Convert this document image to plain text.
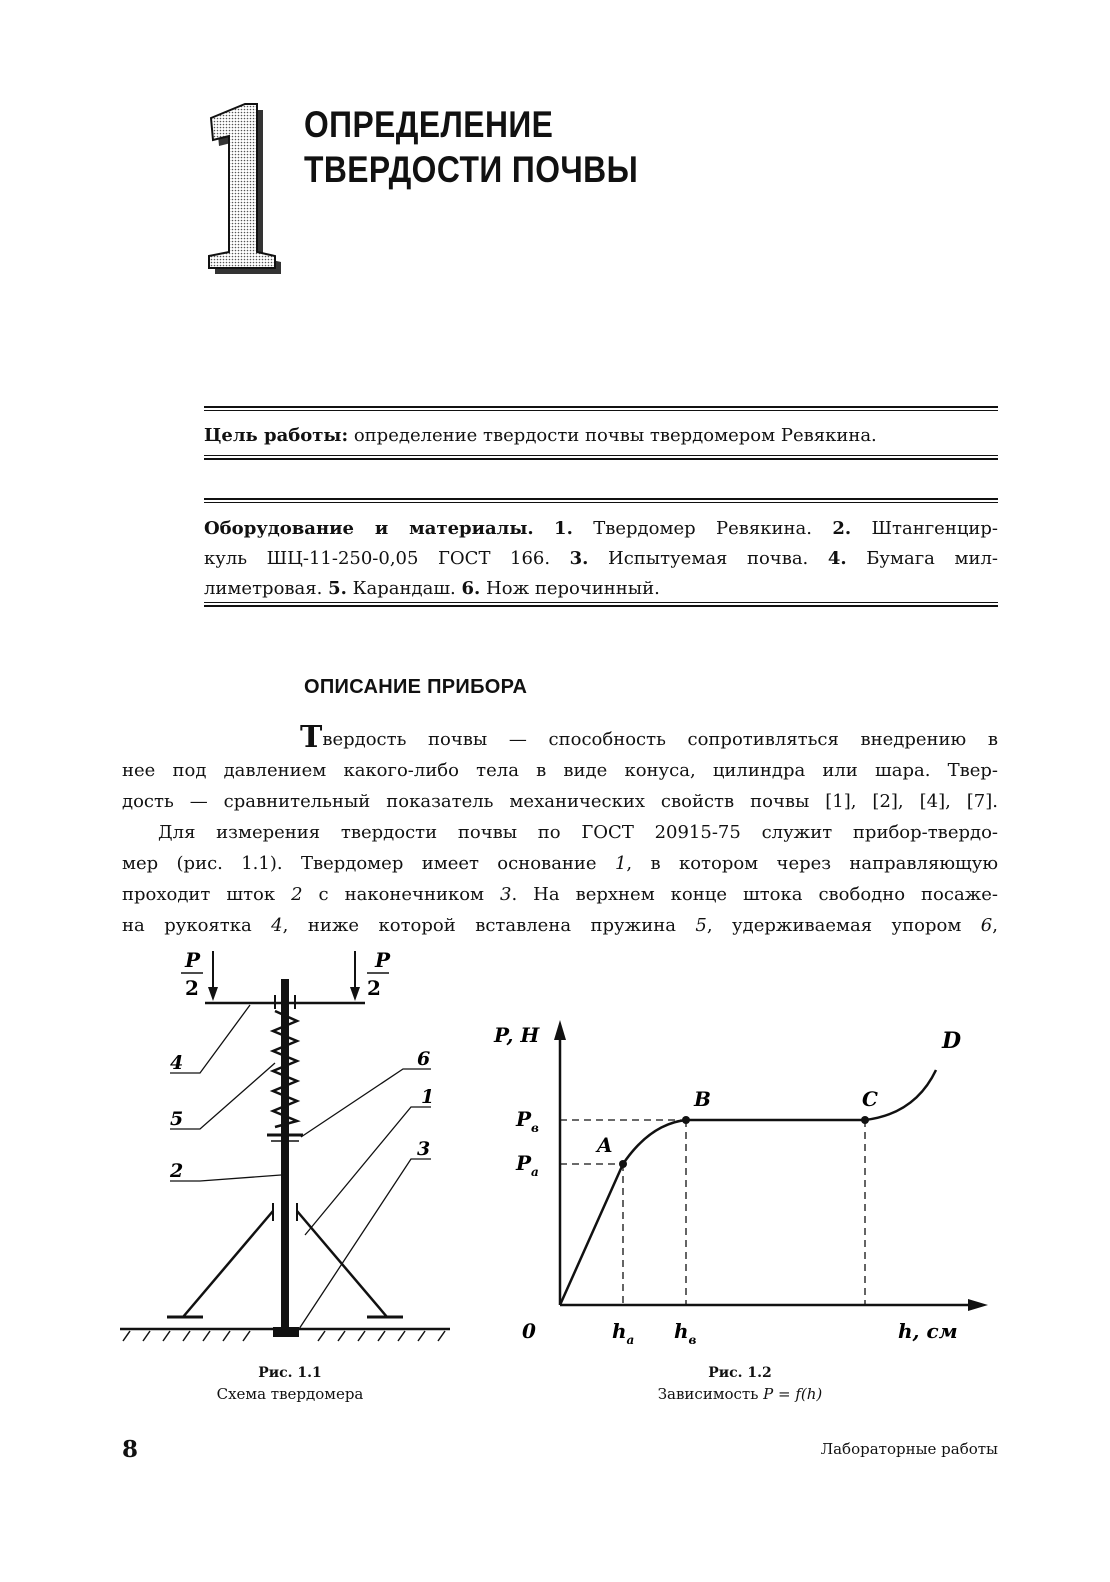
ОПРЕДЕЛЕНИЕ
ТВЕРДОСТИ ПОЧВЫ
Цель работы: определение твердости почвы твердомером Ревякина.
Оборудование и материалы. 1. Твердомер Ревякина. 2. Штангенцир-
куль ШЦ-11-250-0,05 ГОСТ 166. 3. Испытуемая почва. 4. Бумага мил-
лиметровая. 5. Карандаш. 6. Нож перочинный.
ОПИСАНИЕ ПРИБОРА
Твердость почвы — способность сопротивляться внедрению в
нее под давлением какого-либо тела в виде конуса, цилиндра или шара. Твер-
дость — сравнительный показатель механических свойств почвы [1], [2], [4], [7].
Для измерения твердости почвы по ГОСТ 20915-75 служит прибор-твердо-
мер (рис. 1.1). Твердомер имеет основание 1, в котором через направляющую
проходит шток 2 с наконечником 3. На верхнем конце штока свободно посаже-
на рукоятка 4, ниже которой вставлена пружина 5, удерживаемая упором 6,
P
2
P
2
4
5
2
6
1
3
Рис. 1.1
Схема твердомера
P, H
h, см
0
A
B	C
D
$P_в$
$P_a$
$h_a$ $h_в$
Рис. 1.2
Зависимость P = f(h)
8	Лабораторные работы
